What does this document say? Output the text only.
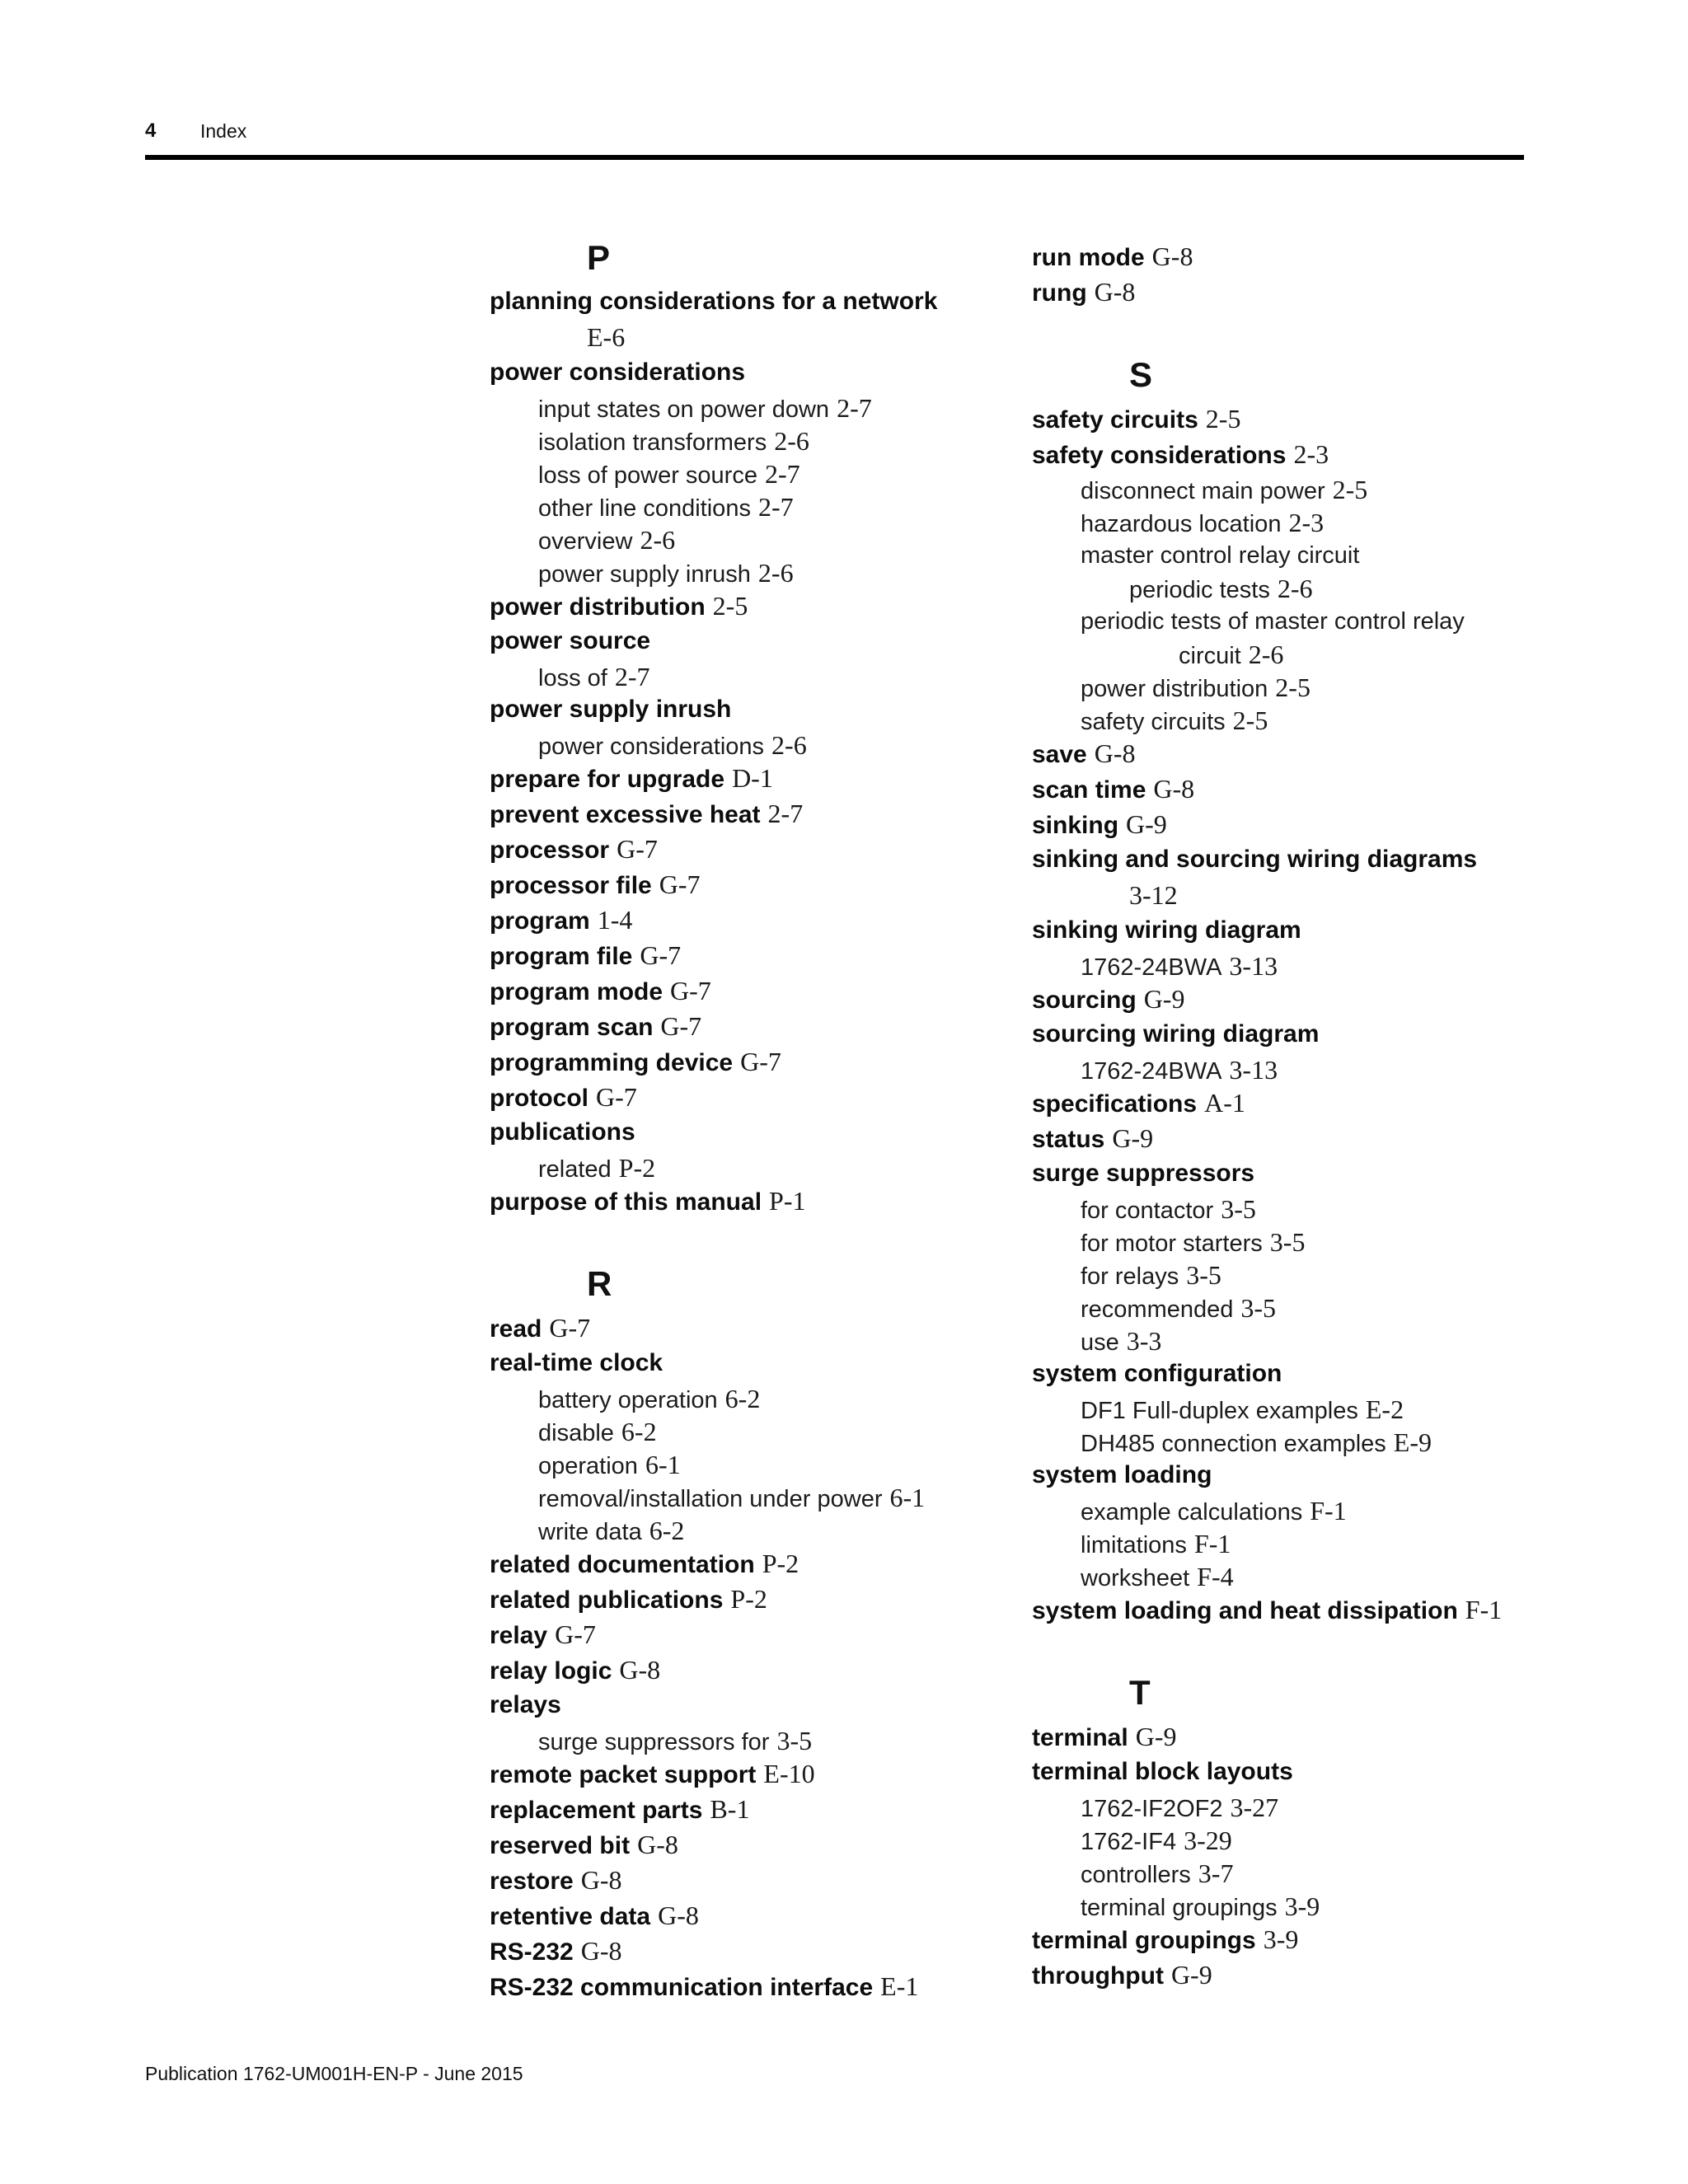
4 Index
P
planning considerations for a network
E-6
power considerations
input states on power down 2-7
isolation transformers 2-6
loss of power source 2-7
other line conditions 2-7
overview 2-6
power supply inrush 2-6
power distribution 2-5
power source
loss of 2-7
power supply inrush
power considerations 2-6
prepare for upgrade D-1
prevent excessive heat 2-7
processor G-7
processor file G-7
program 1-4
program file G-7
program mode G-7
program scan G-7
programming device G-7
protocol G-7
publications
related P-2
purpose of this manual P-1
R
read G-7
real-time clock
battery operation 6-2
disable 6-2
operation 6-1
removal/installation under power 6-1
write data 6-2
related documentation P-2
related publications P-2
relay G-7
relay logic G-8
relays
surge suppressors for 3-5
remote packet support E-10
replacement parts B-1
reserved bit G-8
restore G-8
retentive data G-8
RS-232 G-8
RS-232 communication interface E-1
run mode G-8
rung G-8
S
safety circuits 2-5
safety considerations 2-3
disconnect main power 2-5
hazardous location 2-3
master control relay circuit
periodic tests 2-6
periodic tests of master control relay
circuit 2-6
power distribution 2-5
safety circuits 2-5
save G-8
scan time G-8
sinking G-9
sinking and sourcing wiring diagrams
3-12
sinking wiring diagram
1762-24BWA 3-13
sourcing G-9
sourcing wiring diagram
1762-24BWA 3-13
specifications A-1
status G-9
surge suppressors
for contactor 3-5
for motor starters 3-5
for relays 3-5
recommended 3-5
use 3-3
system configuration
DF1 Full-duplex examples E-2
DH485 connection examples E-9
system loading
example calculations F-1
limitations F-1
worksheet F-4
system loading and heat dissipation F-1
T
terminal G-9
terminal block layouts
1762-IF2OF2 3-27
1762-IF4 3-29
controllers 3-7
terminal groupings 3-9
terminal groupings 3-9
throughput G-9
Publication 1762-UM001H-EN-P - June 2015
